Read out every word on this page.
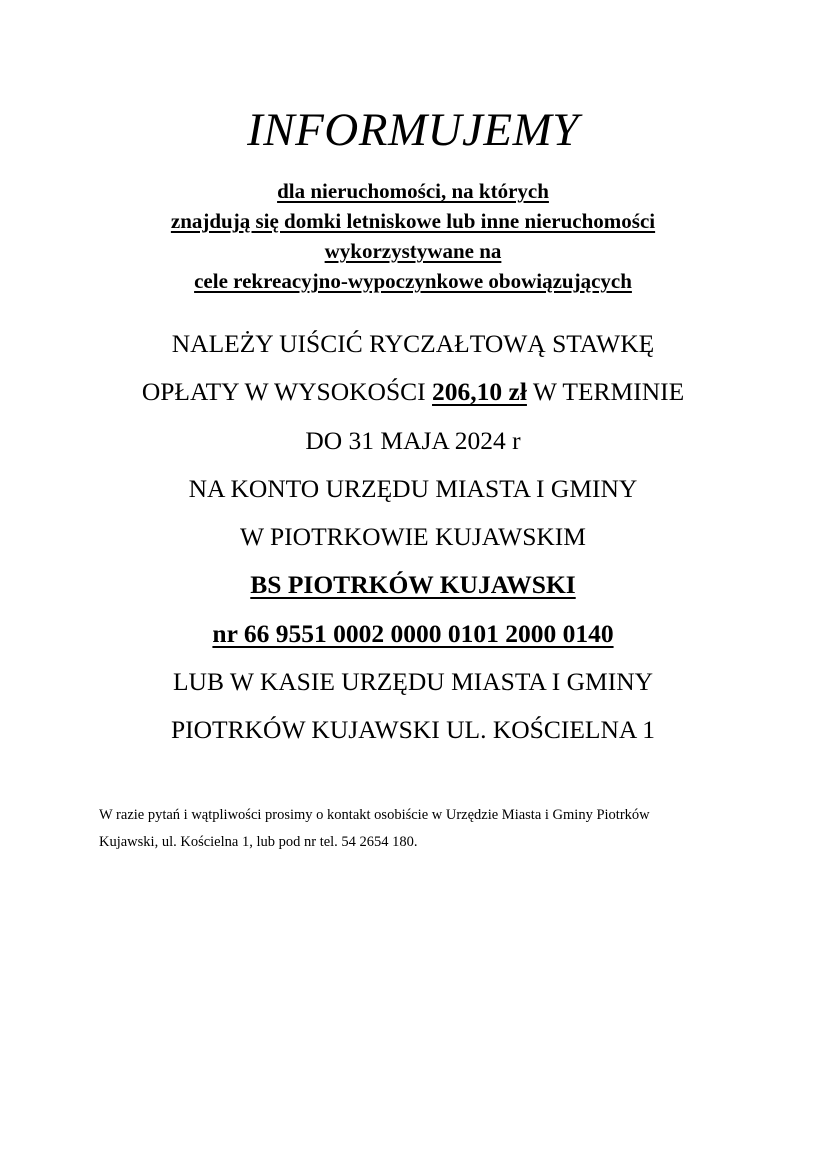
INFORMUJEMY
dla nieruchomości, na których
znajdują się domki letniskowe lub inne nieruchomości
wykorzystywane na
cele rekreacyjno-wypoczynkowe obowiązujących
NALEŻY UIŚCIĆ RYCZAŁTOWĄ STAWKĘ
OPŁATY W WYSOKOŚCI 206,10 zł W TERMINIE
DO 31 MAJA 2024 r
NA KONTO URZĘDU MIASTA I GMINY
W PIOTRKOWIE KUJAWSKIM
BS PIOTRKÓW KUJAWSKI
nr 66 9551 0002 0000 0101 2000 0140
LUB W KASIE URZĘDU MIASTA I GMINY
PIOTRKÓW KUJAWSKI UL. KOŚCIELNA 1
W razie pytań i wątpliwości prosimy o kontakt osobiście w Urzędzie Miasta i Gminy Piotrków
Kujawski, ul. Kościelna 1, lub pod nr tel. 54 2654 180.
